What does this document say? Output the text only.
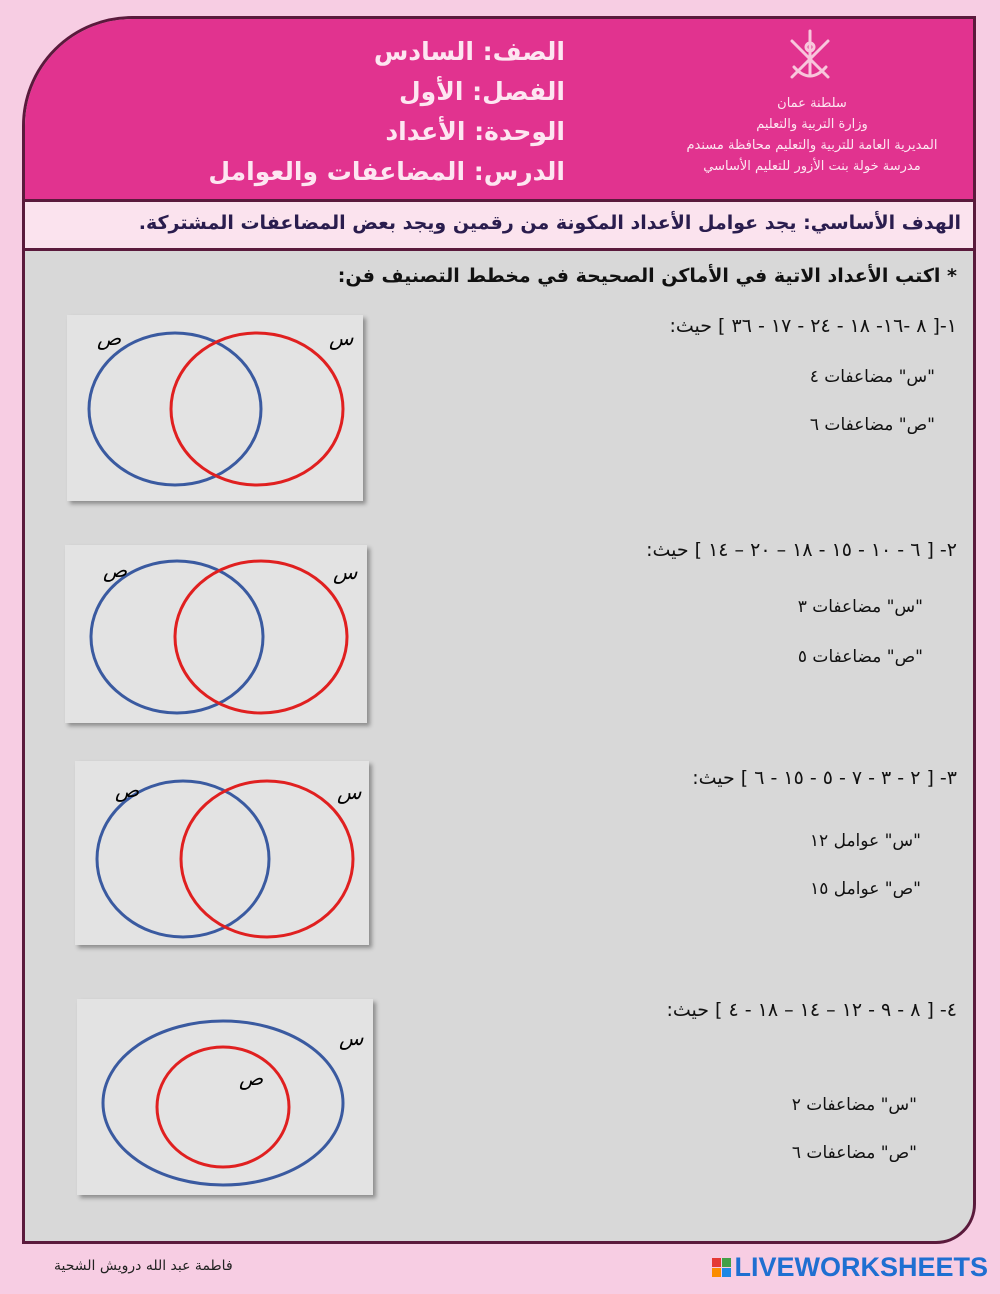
سلطنة عمان
وزارة التربية والتعليم
المديرية العامة للتربية والتعليم محافظة مسندم
مدرسة خولة بنت الأزور للتعليم الأساسي
الصف: السادس
الفصل: الأول
الوحدة: الأعداد
الدرس: المضاعفات والعوامل
الهدف الأساسي: يجد عوامل الأعداد المكونة من رقمين ويجد بعض المضاعفات المشتركة.
* اكتب الأعداد الاتية في الأماكن الصحيحة في مخطط التصنيف فن:
١-[ ٨ -١٦- ١٨ - ٢٤ - ١٧ - ٣٦ ] حيث:
"س" مضاعفات ٤
"ص" مضاعفات ٦
ص	س
٢- [ ٦ - ١٠ - ١٥ - ١٨ – ٢٠ – ١٤ ] حيث:
"س" مضاعفات ٣
"ص" مضاعفات ٥
ص	س
٣- [ ٢ - ٣ - ٧ - ٥ - ١٥ - ٦ ] حيث:
"س" عوامل ١٢
"ص" عوامل ١٥
ص	س
٤- [ ٨ - ٩ - ١٢ – ١٤ – ١٨ - ٤ ] حيث:
"س" مضاعفات ٢
"ص" مضاعفات ٦
س
ص
فاطمة عبد الله درويش الشحية	LIVEWORKSHEETS
